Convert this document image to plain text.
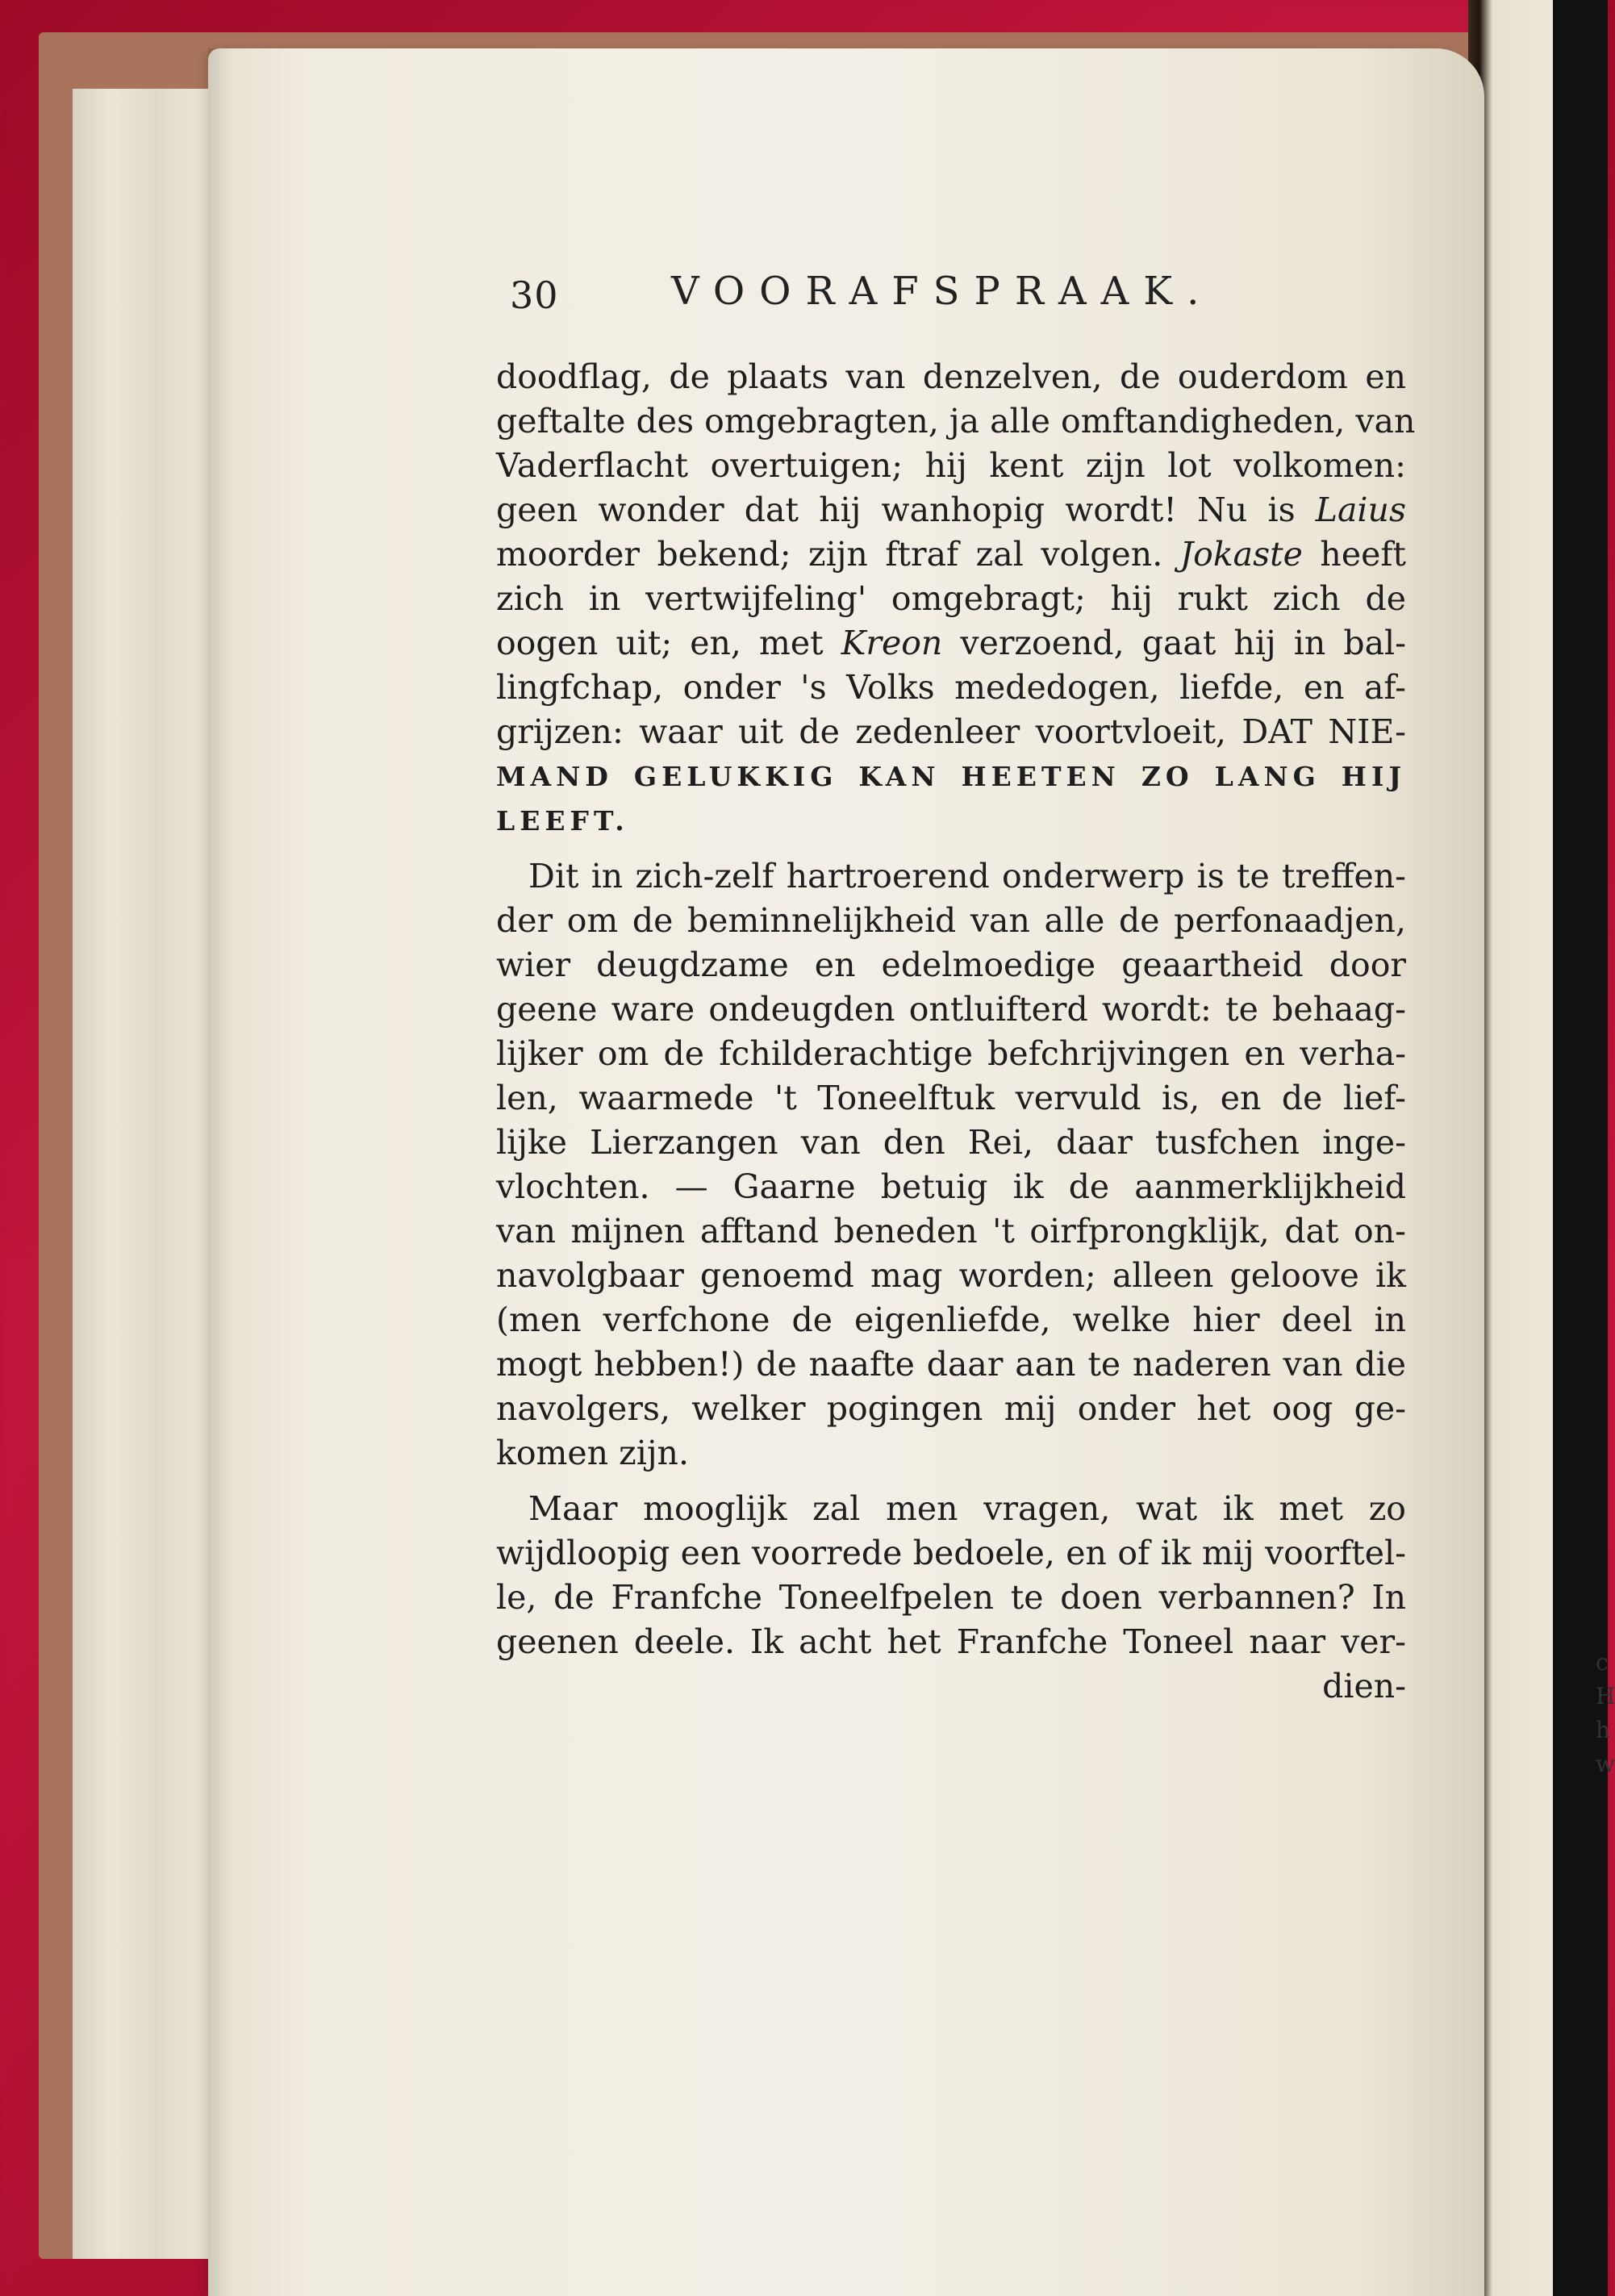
c
H
h
w
30	VOORAFSPRAAK.
doodflag, de plaats van denzelven, de ouderdom en
geftalte des omgebragten, ja alle omftandigheden, van
Vaderflacht overtuigen; hij kent zijn lot volkomen:
geen wonder dat hij wanhopig wordt! Nu is Laius
moorder bekend; zijn ftraf zal volgen. Jokaste heeft
zich in vertwijfeling' omgebragt; hij rukt zich de
oogen uit; en, met Kreon verzoend, gaat hij in bal-
lingfchap, onder 's Volks mededogen, liefde, en af-
grijzen: waar uit de zedenleer voortvloeit, DAT NIE-
MAND GELUKKIG KAN HEETEN ZO LANG HIJ
LEEFT.
Dit in zich-zelf hartroerend onderwerp is te treffen-
der om de beminnelijkheid van alle de perfonaadjen,
wier deugdzame en edelmoedige geaartheid door
geene ware ondeugden ontluifterd wordt: te behaag-
lijker om de fchilderachtige befchrijvingen en verha-
len, waarmede 't Toneelftuk vervuld is, en de lief-
lijke Lierzangen van den Rei, daar tusfchen inge-
vlochten. — Gaarne betuig ik de aanmerklijkheid
van mijnen afftand beneden 't oirfprongklijk, dat on-
navolgbaar genoemd mag worden; alleen geloove ik
(men verfchone de eigenliefde, welke hier deel in
mogt hebben!) de naafte daar aan te naderen van die
navolgers, welker pogingen mij onder het oog ge-
komen zijn.
Maar mooglijk zal men vragen, wat ik met zo
wijdloopig een voorrede bedoele, en of ik mij voorftel-
le, de Franfche Toneelfpelen te doen verbannen? In
geenen deele. Ik acht het Franfche Toneel naar ver-
dien-
